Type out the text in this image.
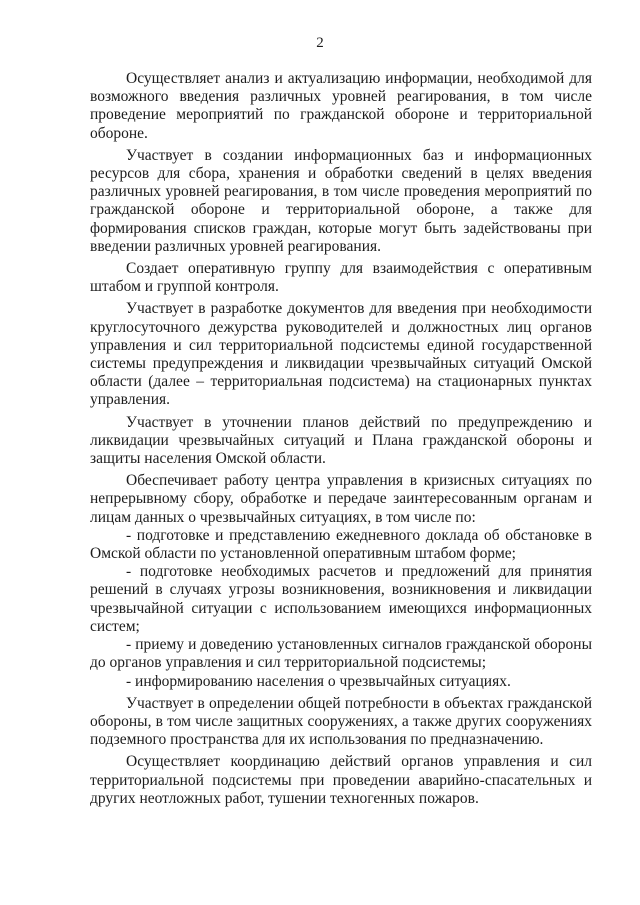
2

Осуществляет анализ и актуализацию информации, необходимой для возможного введения различных уровней реагирования, в том числе проведение мероприятий по гражданской обороне и территориальной обороне.

Участвует в создании информационных баз и информационных ресурсов для сбора, хранения и обработки сведений в целях введения различных уровней реагирования, в том числе проведения мероприятий по гражданской обороне и территориальной обороне, а также для формирования списков граждан, которые могут быть задействованы при введении различных уровней реагирования.

Создает оперативную группу для взаимодействия с оперативным штабом и группой контроля.

Участвует в разработке документов для введения при необходимости круглосуточного дежурства руководителей и должностных лиц органов управления и сил территориальной подсистемы единой государственной системы предупреждения и ликвидации чрезвычайных ситуаций Омской области (далее – территориальная подсистема) на стационарных пунктах управления.

Участвует в уточнении планов действий по предупреждению и ликвидации чрезвычайных ситуаций и Плана гражданской обороны и защиты населения Омской области.

Обеспечивает работу центра управления в кризисных ситуациях по непрерывному сбору, обработке и передаче заинтересованным органам и лицам данных о чрезвычайных ситуациях, в том числе по:

- подготовке и представлению ежедневного доклада об обстановке в Омской области по установленной оперативным штабом форме;

- подготовке необходимых расчетов и предложений для принятия решений в случаях угрозы возникновения, возникновения и ликвидации чрезвычайной ситуации с использованием имеющихся информационных систем;

- приему и доведению установленных сигналов гражданской обороны до органов управления и сил территориальной подсистемы;

- информированию населения о чрезвычайных ситуациях.

Участвует в определении общей потребности в объектах гражданской обороны, в том числе защитных сооружениях, а также других сооружениях подземного пространства для их использования по предназначению.

Осуществляет координацию действий органов управления и сил территориальной подсистемы при проведении аварийно-спасательных и других неотложных работ, тушении техногенных пожаров.
